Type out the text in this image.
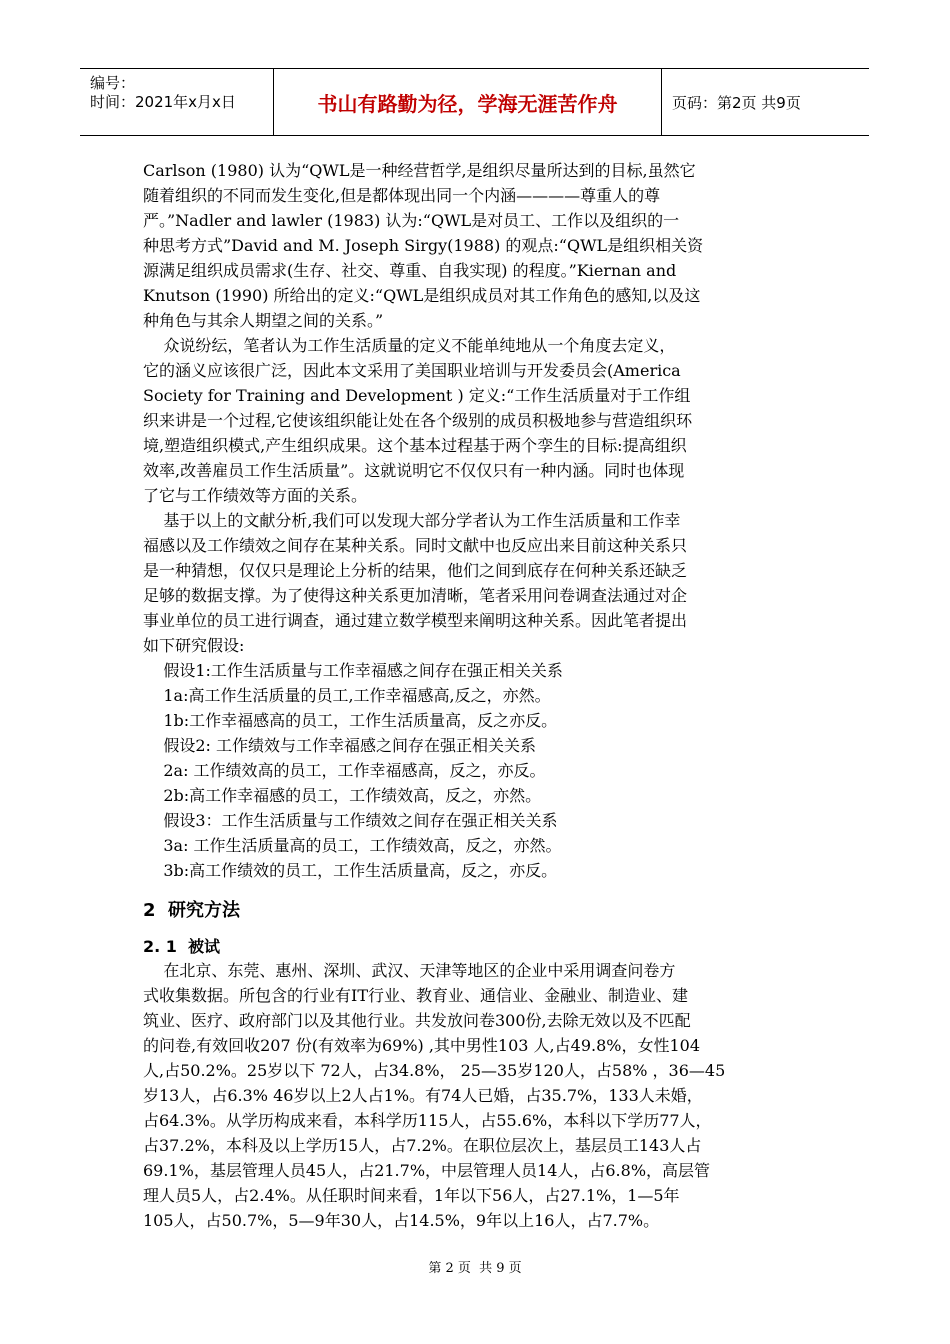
编号：
时间：2021年x月x日	书山有路勤为径，学海无涯苦作舟	页码：第2页 共9页
Carlson (1980) 认为“QWL是一种经营哲学,是组织尽量所达到的目标,虽然它
随着组织的不同而发生变化,但是都体现出同一个内涵————尊重人的尊
严。”Nadler and lawler (1983) 认为:“QWL是对员工、工作以及组织的一
种思考方式”David and M. Joseph Sirgy(1988) 的观点:“QWL是组织相关资
源满足组织成员需求(生存、社交、尊重、自我实现) 的程度。”Kiernan and
Knutson (1990) 所给出的定义:“QWL是组织成员对其工作角色的感知,以及这
种角色与其余人期望之间的关系。”
众说纷纭，笔者认为工作生活质量的定义不能单纯地从一个角度去定义，
它的涵义应该很广泛，因此本文采用了美国职业培训与开发委员会(America
Society for Training and Development ) 定义:“工作生活质量对于工作组
织来讲是一个过程,它使该组织能让处在各个级别的成员积极地参与营造组织环
境,塑造组织模式,产生组织成果。这个基本过程基于两个孪生的目标:提高组织
效率,改善雇员工作生活质量”。这就说明它不仅仅只有一种内涵。同时也体现
了它与工作绩效等方面的关系。
基于以上的文献分析,我们可以发现大部分学者认为工作生活质量和工作幸
福感以及工作绩效之间存在某种关系。同时文献中也反应出来目前这种关系只
是一种猜想，仅仅只是理论上分析的结果，他们之间到底存在何种关系还缺乏
足够的数据支撑。为了使得这种关系更加清晰，笔者采用问卷调查法通过对企
事业单位的员工进行调查，通过建立数学模型来阐明这种关系。因此笔者提出
如下研究假设:
假设1:工作生活质量与工作幸福感之间存在强正相关关系
1a:高工作生活质量的员工,工作幸福感高,反之，亦然。
1b:工作幸福感高的员工，工作生活质量高，反之亦反。
假设2: 工作绩效与工作幸福感之间存在强正相关关系
2a: 工作绩效高的员工，工作幸福感高，反之，亦反。
2b:高工作幸福感的员工，工作绩效高，反之，亦然。
假设3：工作生活质量与工作绩效之间存在强正相关关系
3a: 工作生活质量高的员工，工作绩效高，反之，亦然。
3b:高工作绩效的员工，工作生活质量高，反之，亦反。
2  研究方法
2. 1  被试
在北京、东莞、惠州、深圳、武汉、天津等地区的企业中采用调查问卷方
式收集数据。所包含的行业有IT行业、教育业、通信业、金融业、制造业、建
筑业、医疗、政府部门以及其他行业。共发放问卷300份,去除无效以及不匹配
的问卷,有效回收207 份(有效率为69%) ,其中男性103 人,占49.8%，女性104
人,占50.2%。25岁以下 72人，占34.8%， 25—35岁120人，占58% ，36—45
岁13人，占6.3% 46岁以上2人占1%。有74人已婚，占35.7%，133人未婚，
占64.3%。从学历构成来看，本科学历115人，占55.6%，本科以下学历77人，
占37.2%，本科及以上学历15人，占7.2%。在职位层次上，基层员工143人占
69.1%，基层管理人员45人，占21.7%，中层管理人员14人，占6.8%，高层管
理人员5人，占2.4%。从任职时间来看，1年以下56人，占27.1%，1—5年
105人，占50.7%，5—9年30人，占14.5%，9年以上16人，占7.7%。
第 2 页  共 9 页
